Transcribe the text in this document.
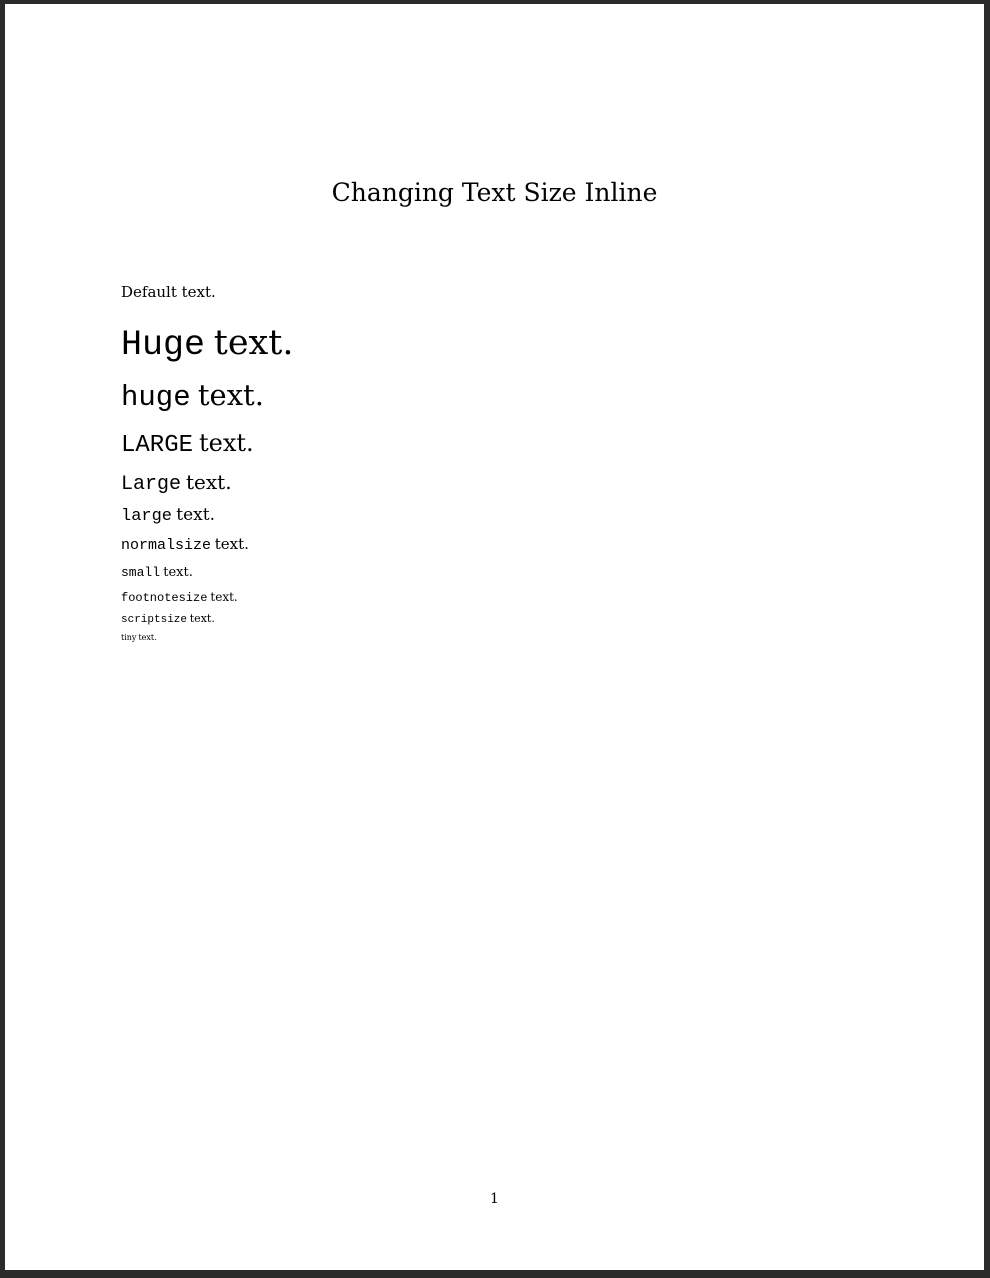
Changing Text Size Inline
Default text.
Huge text.
huge text.
LARGE text.
Large text.
large text.
normalsize text.
small text.
footnotesize text.
scriptsize text.
tiny text.
1
